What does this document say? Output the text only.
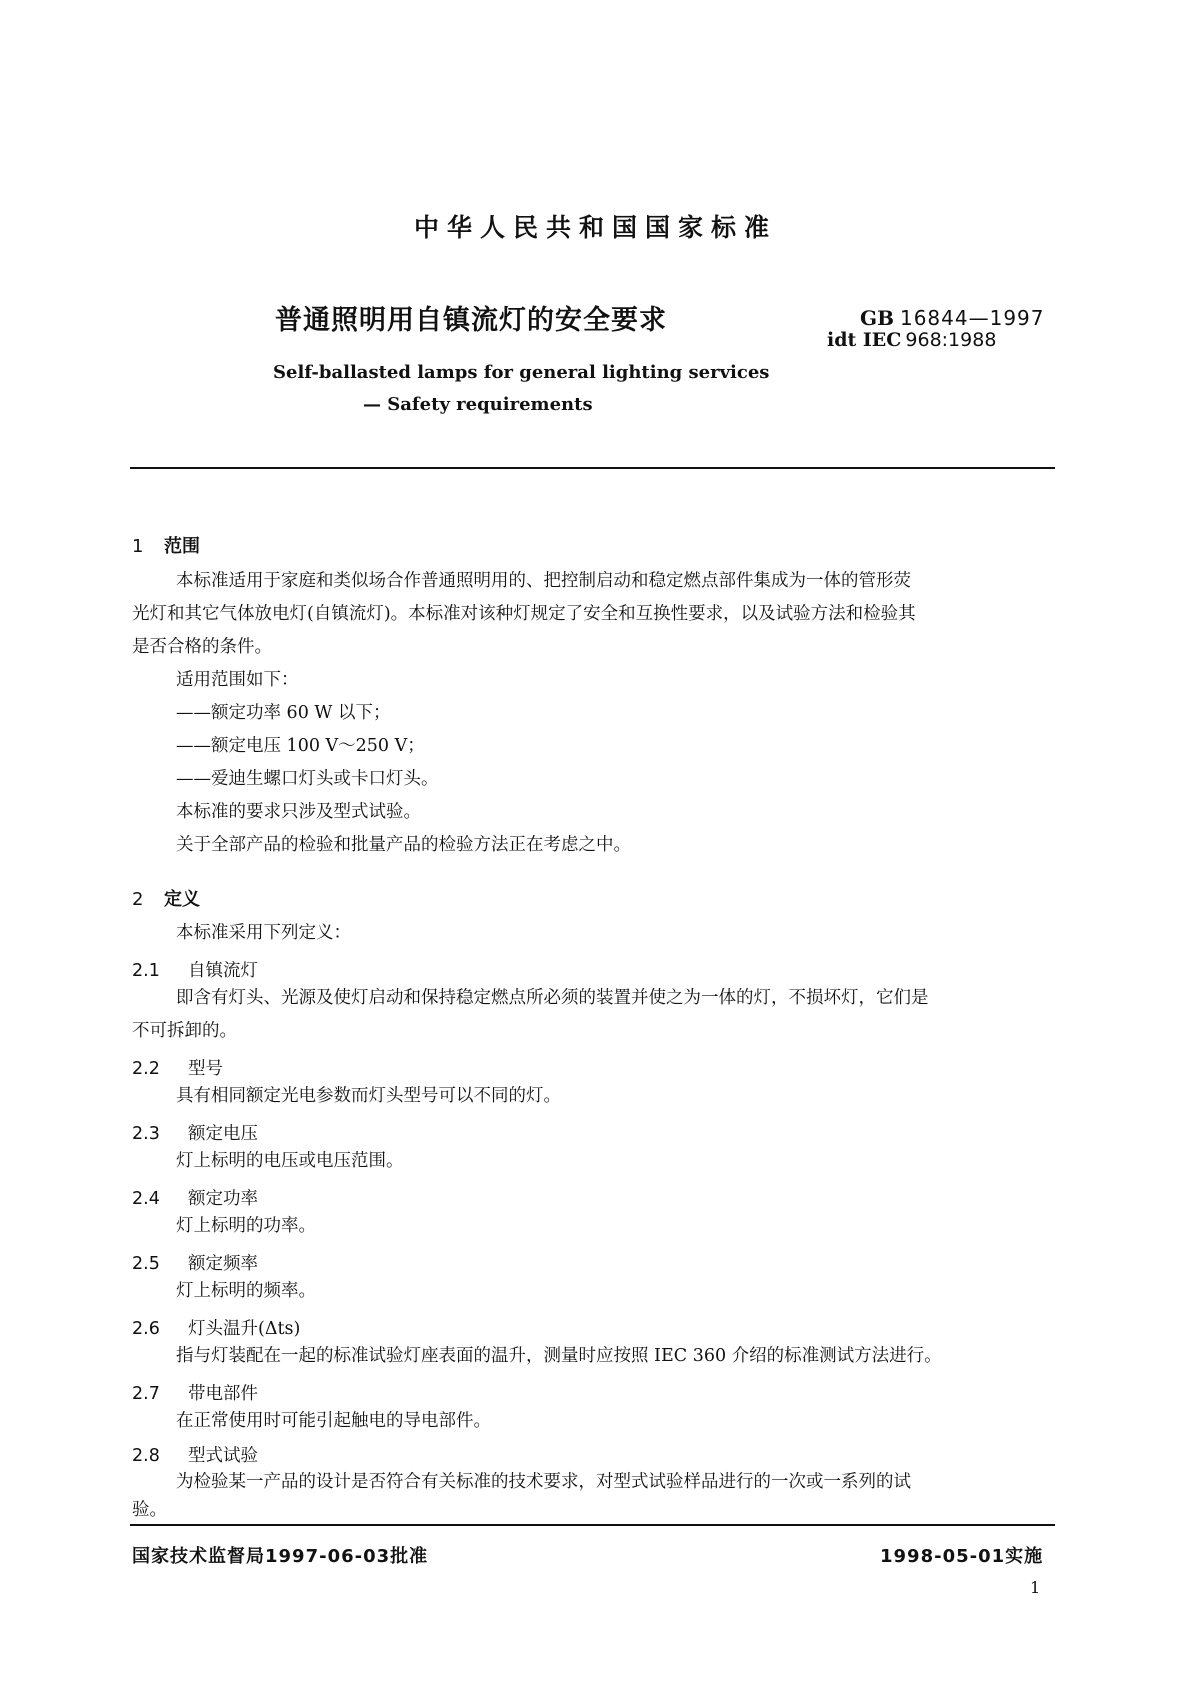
中华人民共和国国家标准
普通照明用自镇流灯的安全要求	GB 16844—1997
idt IEC 968:1988
Self-ballasted lamps for general lighting services
— Safety requirements
1 范围
本标准适用于家庭和类似场合作普通照明用的、把控制启动和稳定燃点部件集成为一体的管形荧
光灯和其它气体放电灯(自镇流灯)。本标准对该种灯规定了安全和互换性要求，以及试验方法和检验其
是否合格的条件。
适用范围如下：
——额定功率 60 W 以下；
——额定电压 100 V～250 V；
——爱迪生螺口灯头或卡口灯头。
本标准的要求只涉及型式试验。
关于全部产品的检验和批量产品的检验方法正在考虑之中。
2 定义
本标准采用下列定义：
2.1 自镇流灯
即含有灯头、光源及使灯启动和保持稳定燃点所必须的装置并使之为一体的灯，不损坏灯，它们是
不可拆卸的。
2.2 型号
具有相同额定光电参数而灯头型号可以不同的灯。
2.3 额定电压
灯上标明的电压或电压范围。
2.4 额定功率
灯上标明的功率。
2.5 额定频率
灯上标明的频率。
2.6 灯头温升(Δts)
指与灯装配在一起的标准试验灯座表面的温升，测量时应按照 IEC 360 介绍的标准测试方法进行。
2.7 带电部件
在正常使用时可能引起触电的导电部件。
2.8 型式试验
为检验某一产品的设计是否符合有关标准的技术要求，对型式试验样品进行的一次或一系列的试
验。
国家技术监督局1997-06-03批准	1998-05-01实施
1
